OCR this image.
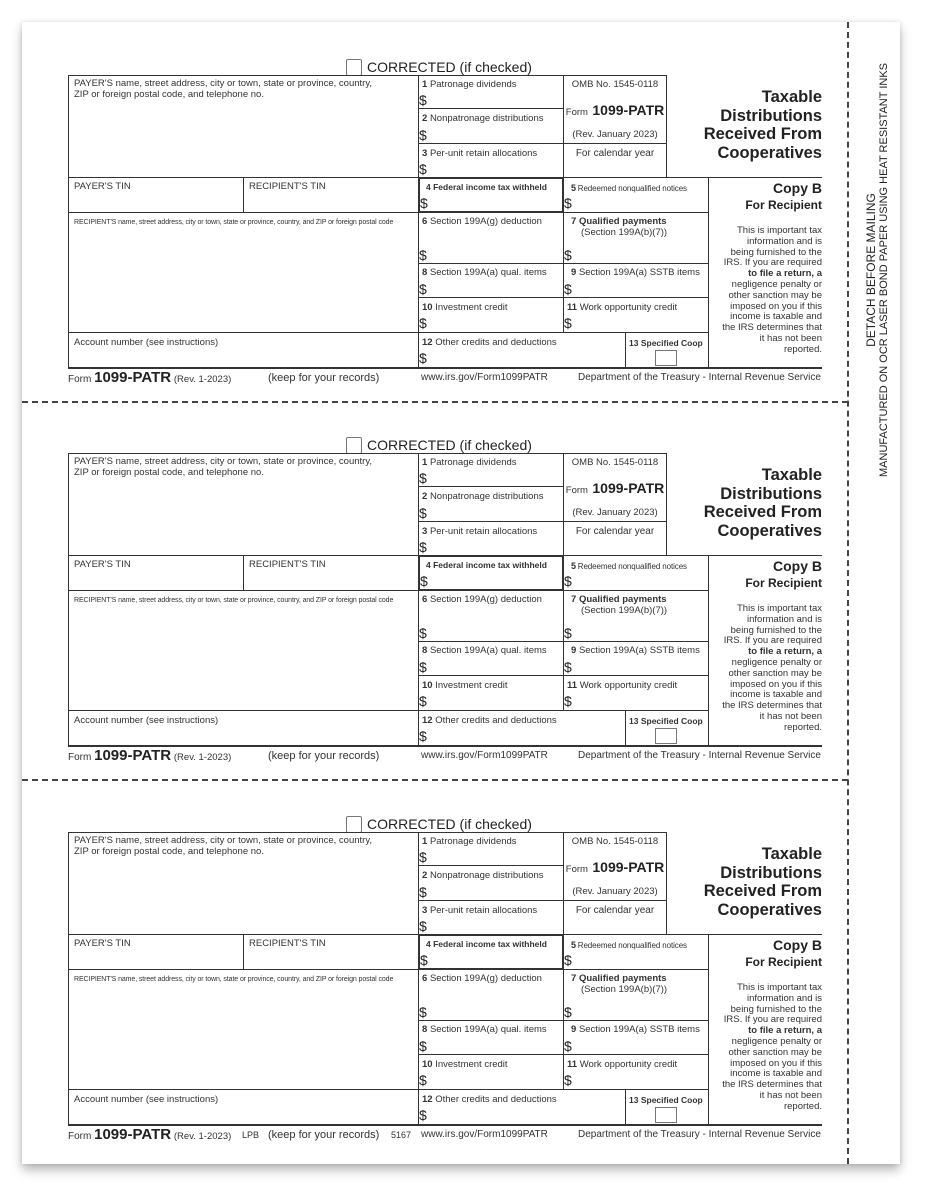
DETACH BEFORE MAILING MANUFACTURED ON OCR LASER BOND PAPER USING HEAT RESISTANT INKS
CORRECTED (if checked)
PAYER'S name, street address, city or town, state or province, country,
ZIP or foreign postal code, and telephone no.
1 Patronage dividends
$
2 Nonpatronage distributions
$
3 Per-unit retain allocations
$
OMB No. 1545-0118
Form 1099-PATR
(Rev. January 2023)
For calendar year
Taxable
Distributions
Received From
Cooperatives
PAYER'S TIN	RECIPIENT'S TIN	4 Federal income tax withheld
$
5 Redeemed nonqualified notices
$
Copy B
For Recipient
RECIPIENT'S name, street address, city or town, state or province, country, and ZIP or foreign postal code	6 Section 199A(g) deduction
$
7 Qualified payments
(Section 199A(b)(7))
$
8 Section 199A(a) qual. items
$
9 Section 199A(a) SSTB items
$
10 Investment credit
$
11 Work opportunity credit
$
This is important tax
information and is
being furnished to the
IRS. If you are required
to file a return, a
negligence penalty or
other sanction may be
imposed on you if this
income is taxable and
the IRS determines that
it has not been
reported.
Account number (see instructions)	12 Other credits and deductions
$
13 Specified Coop
Form 1099-PATR (Rev. 1-2023)	(keep for your records)	www.irs.gov/Form1099PATR	Department of the Treasury - Internal Revenue Service
CORRECTED (if checked)
PAYER'S name, street address, city or town, state or province, country,
ZIP or foreign postal code, and telephone no.
1 Patronage dividends
$
2 Nonpatronage distributions
$
3 Per-unit retain allocations
$
OMB No. 1545-0118
Form 1099-PATR
(Rev. January 2023)
For calendar year
Taxable
Distributions
Received From
Cooperatives
PAYER'S TIN	RECIPIENT'S TIN	4 Federal income tax withheld
$
5 Redeemed nonqualified notices
$
Copy B
For Recipient
RECIPIENT'S name, street address, city or town, state or province, country, and ZIP or foreign postal code	6 Section 199A(g) deduction
$
7 Qualified payments
(Section 199A(b)(7))
$
8 Section 199A(a) qual. items
$
9 Section 199A(a) SSTB items
$
10 Investment credit
$
11 Work opportunity credit
$
This is important tax
information and is
being furnished to the
IRS. If you are required
to file a return, a
negligence penalty or
other sanction may be
imposed on you if this
income is taxable and
the IRS determines that
it has not been
reported.
Account number (see instructions)	12 Other credits and deductions
$
13 Specified Coop
Form 1099-PATR (Rev. 1-2023)	(keep for your records)	www.irs.gov/Form1099PATR	Department of the Treasury - Internal Revenue Service
CORRECTED (if checked)
PAYER'S name, street address, city or town, state or province, country,
ZIP or foreign postal code, and telephone no.
1 Patronage dividends
$
2 Nonpatronage distributions
$
3 Per-unit retain allocations
$
OMB No. 1545-0118
Form 1099-PATR
(Rev. January 2023)
For calendar year
Taxable
Distributions
Received From
Cooperatives
PAYER'S TIN	RECIPIENT'S TIN	4 Federal income tax withheld
$
5 Redeemed nonqualified notices
$
Copy B
For Recipient
RECIPIENT'S name, street address, city or town, state or province, country, and ZIP or foreign postal code	6 Section 199A(g) deduction
$
7 Qualified payments
(Section 199A(b)(7))
$
8 Section 199A(a) qual. items
$
9 Section 199A(a) SSTB items
$
10 Investment credit
$
11 Work opportunity credit
$
This is important tax
information and is
being furnished to the
IRS. If you are required
to file a return, a
negligence penalty or
other sanction may be
imposed on you if this
income is taxable and
the IRS determines that
it has not been
reported.
Account number (see instructions)	12 Other credits and deductions
$
13 Specified Coop
Form 1099-PATR (Rev. 1-2023) LPB (keep for your records) 5167 www.irs.gov/Form1099PATR	Department of the Treasury - Internal Revenue Service
